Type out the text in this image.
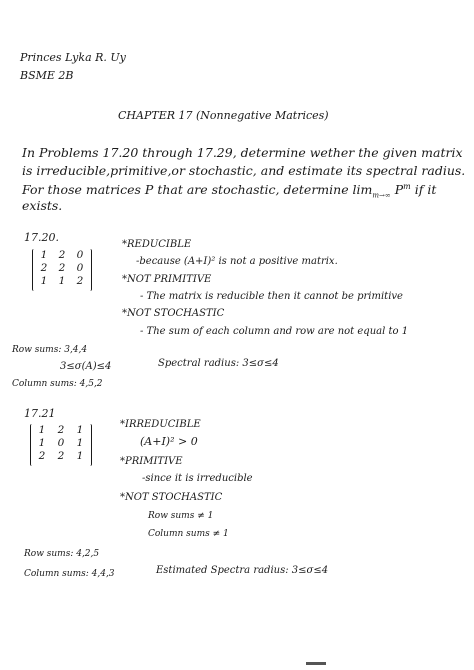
Princes Lyka R. Uy
BSME 2B
CHAPTER 17 (Nonnegative Matrices)
In Problems 17.20 through 17.29, determine wether the given matrix
is irreducible,primitive,or stochastic, and estimate its spectral radius.
For those matrices P that are stochastic, determine $\lim_{m\to\infty} P^m$ if it
exists.
17.20.
1 2 0
2 2 0
1 1 2
*REDUCIBLE
-because (A+I)² is not a positive matrix.
*NOT PRIMITIVE
- The matrix is reducible then it cannot be primitive
*NOT STOCHASTIC
- The sum of each column and row are not equal to 1
Row sums: 3,4,4
3≤σ(A)≤4
Column sums: 4,5,2
Spectral radius: 3≤σ≤4
17.21
1 2 1
1 0 1
2 2 1
*IRREDUCIBLE
(A+I)² > 0
*PRIMITIVE
-since it is irreducible
*NOT STOCHASTIC
Row sums ≠ 1
Column sums ≠ 1
Row sums: 4,2,5
Column sums: 4,4,3	Estimated Spectra radius: 3≤σ≤4
